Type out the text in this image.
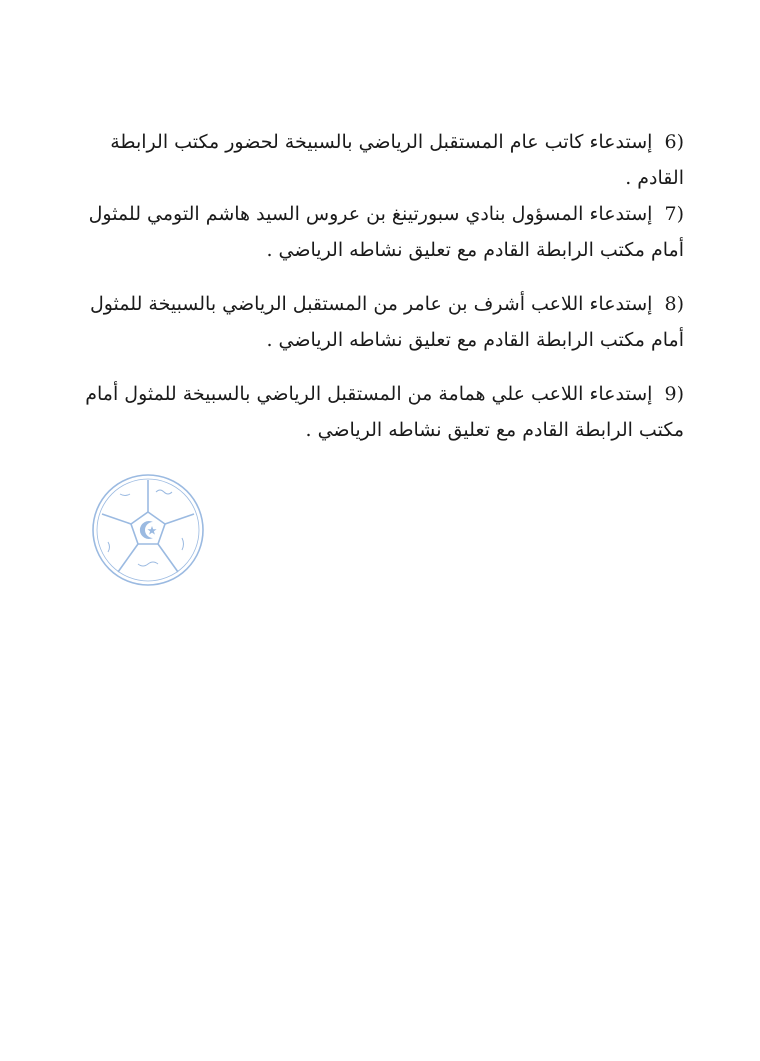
6) إستدعاء كاتب عام المستقبل الرياضي بالسبيخة لحضور مكتب الرابطة القادم .

7) إستدعاء المسؤول بنادي سبورتينغ بن عروس السيد هاشم التومي للمثول أمام مكتب الرابطة القادم مع تعليق نشاطه الرياضي .

8) إستدعاء اللاعب أشرف بن عامر من المستقبل الرياضي بالسبيخة للمثول أمام مكتب الرابطة القادم مع تعليق نشاطه الرياضي .

9) إستدعاء اللاعب علي همامة من المستقبل الرياضي بالسبيخة للمثول أمام مكتب الرابطة القادم مع تعليق نشاطه الرياضي .
